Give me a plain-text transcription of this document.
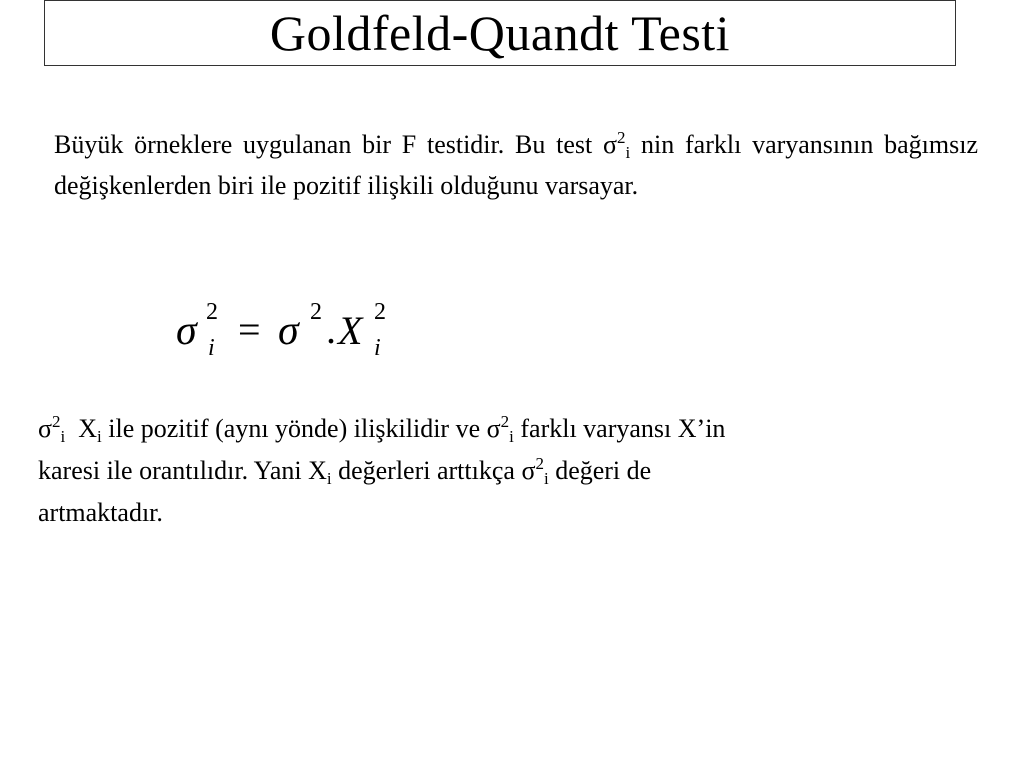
Goldfeld-Quandt Testi
Büyük örneklere uygulanan bir F testidir. Bu test $\sigma^2_i$ nin farklı varyansının bağımsız değişkenlerden biri ile pozitif ilişkili olduğunu varsayar.
σ 2
i = σ 2 . X 2
i
$\sigma^2_i$ $X_i$ ile pozitif (aynı yönde) ilişkilidir ve $\sigma^2_i$ farklı varyansı X’in
karesi ile orantılıdır. Yani $X_i$ değerleri arttıkça $\sigma^2_i$ değeri de
artmaktadır.
